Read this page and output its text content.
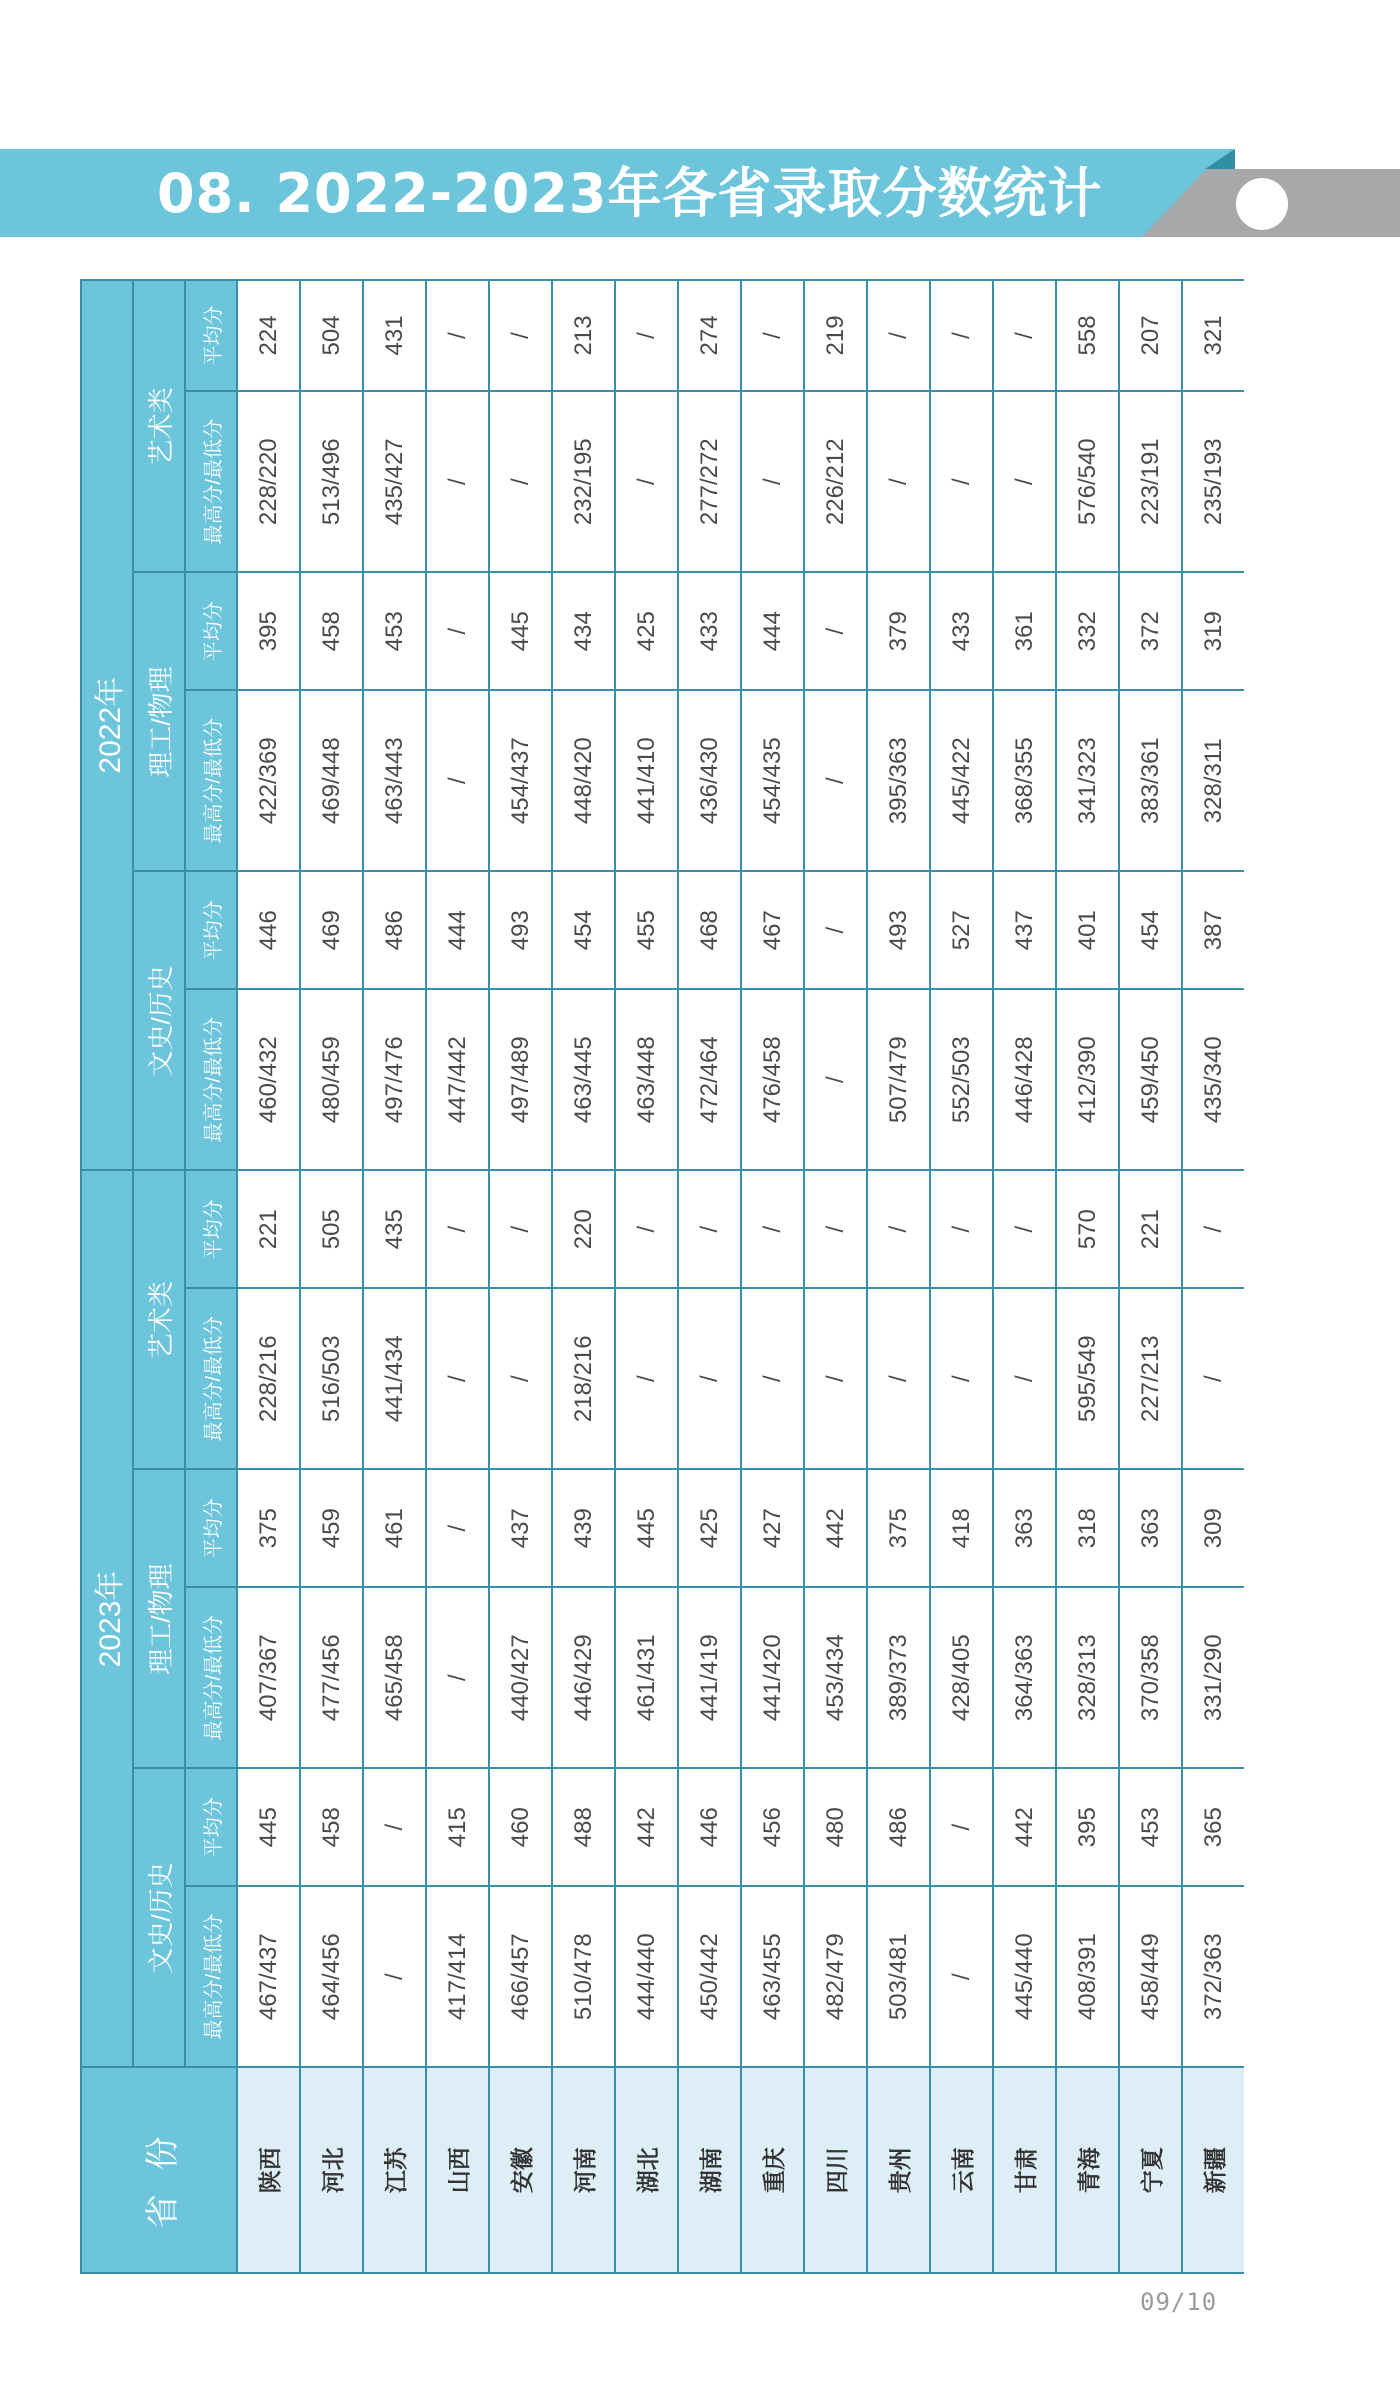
08. 2022-2023年各省录取分数统计
省份	2023年						2022年					
	文史/历史		理工/物理		艺术类		文史/历史		理工/物理		艺术类	
	最高分/最低分	平均分	最高分/最低分	平均分	最高分/最低分	平均分	最高分/最低分	平均分	最高分/最低分	平均分	最高分/最低分	平均分
陕西	467/437	445	407/367	375	228/216	221	460/432	446	422/369	395	228/220	224
河北	464/456	458	477/456	459	516/503	505	480/459	469	469/448	458	513/496	504
江苏	/	/	465/458	461	441/434	435	497/476	486	463/443	453	435/427	431
山西	417/414	415	/	/	/	/	447/442	444	/	/	/	/
安徽	466/457	460	440/427	437	/	/	497/489	493	454/437	445	/	/
河南	510/478	488	446/429	439	218/216	220	463/445	454	448/420	434	232/195	213
湖北	444/440	442	461/431	445	/	/	463/448	455	441/410	425	/	/
湖南	450/442	446	441/419	425	/	/	472/464	468	436/430	433	277/272	274
重庆	463/455	456	441/420	427	/	/	476/458	467	454/435	444	/	/
四川	482/479	480	453/434	442	/	/	/	/	/	/	226/212	219
贵州	503/481	486	389/373	375	/	/	507/479	493	395/363	379	/	/
云南	/	/	428/405	418	/	/	552/503	527	445/422	433	/	/
甘肃	445/440	442	364/363	363	/	/	446/428	437	368/355	361	/	/
青海	408/391	395	328/313	318	595/549	570	412/390	401	341/323	332	576/540	558
宁夏	458/449	453	370/358	363	227/213	221	459/450	454	383/361	372	223/191	207
新疆	372/363	365	331/290	309	/	/	435/340	387	328/311	319	235/193	321
09/10
